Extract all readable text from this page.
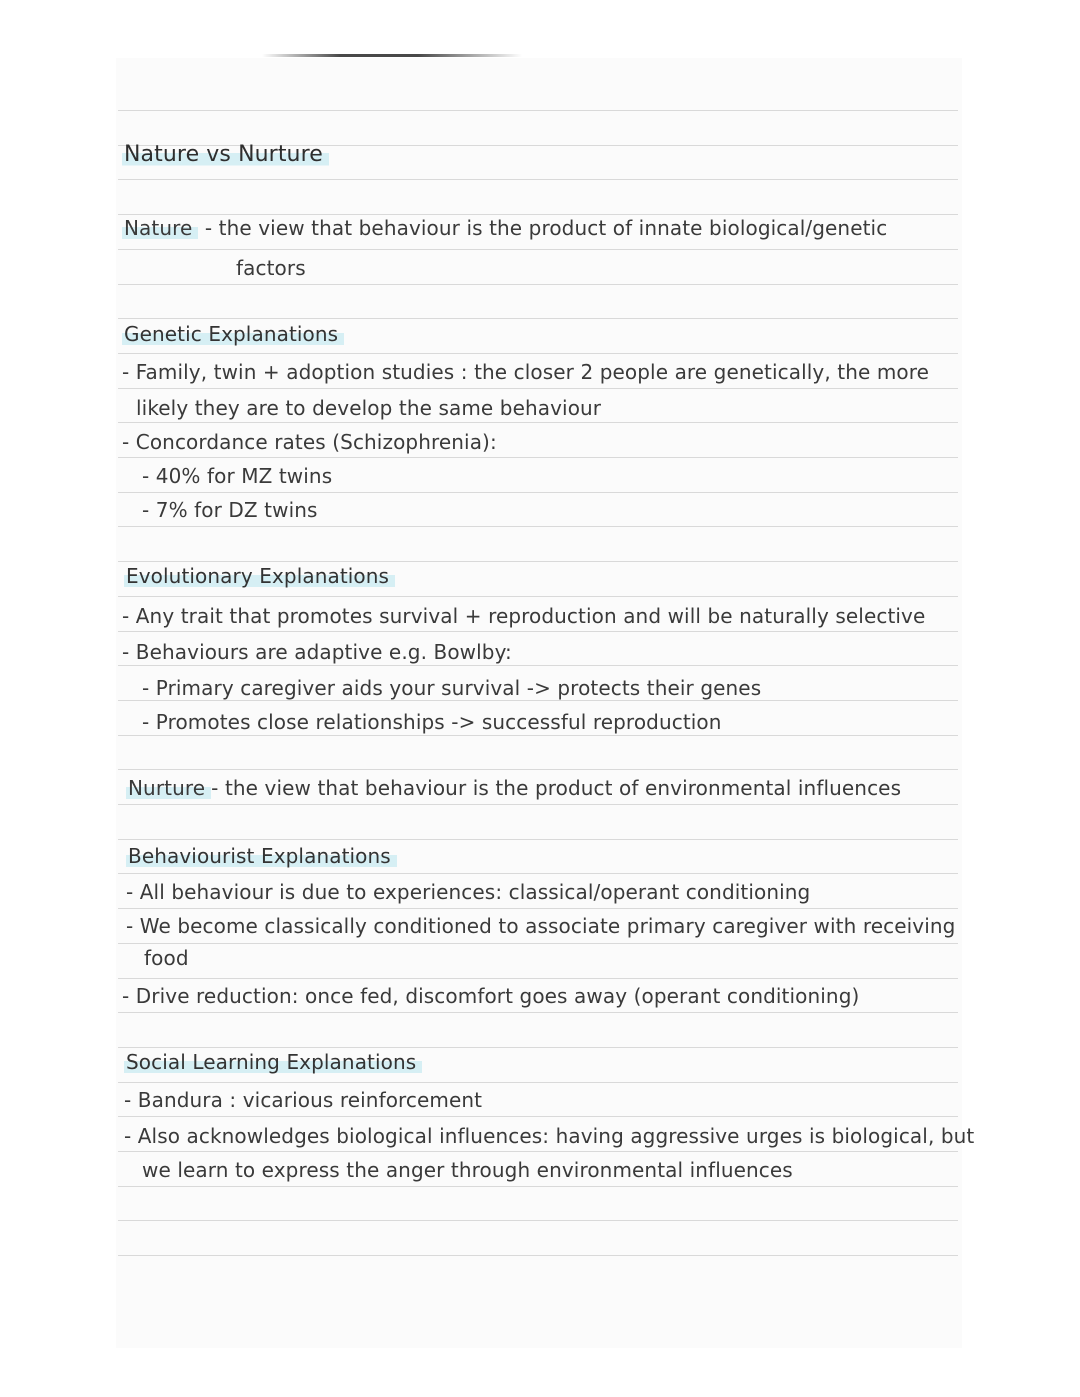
Nature vs Nurture
Nature - the view that behaviour is the product of innate biological/genetic
factors
Genetic Explanations
- Family, twin + adoption studies : the closer 2 people are genetically, the more
likely they are to develop the same behaviour
- Concordance rates (Schizophrenia):
- 40% for MZ twins
- 7% for DZ twins
Evolutionary Explanations
- Any trait that promotes survival + reproduction and will be naturally selective
- Behaviours are adaptive e.g. Bowlby:
- Primary caregiver aids your survival -> protects their genes
- Promotes close relationships -> successful reproduction
Nurture - the view that behaviour is the product of environmental influences
Behaviourist Explanations
- All behaviour is due to experiences: classical/operant conditioning
- We become classically conditioned to associate primary caregiver with receiving
food
- Drive reduction: once fed, discomfort goes away (operant conditioning)
Social Learning Explanations
- Bandura : vicarious reinforcement
- Also acknowledges biological influences: having aggressive urges is biological, but
we learn to express the anger through environmental influences
